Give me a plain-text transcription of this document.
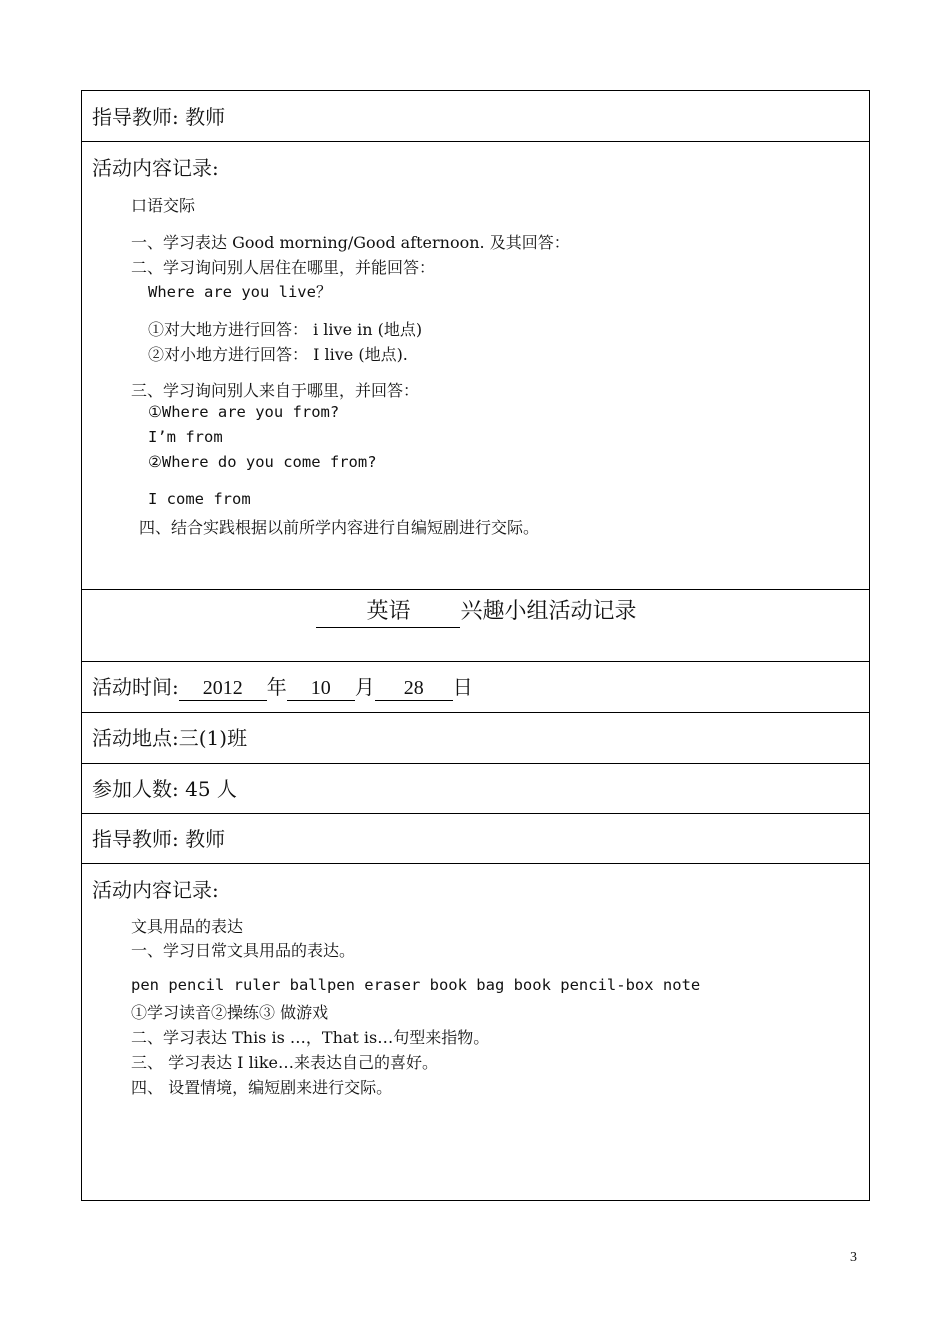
指导教师: 教师
活动内容记录:
口语交际
一、学习表达 Good morning/Good afternoon. 及其回答：
二、学习询问别人居住在哪里，并能回答：
Where are you live？
①对大地方进行回答： i live in (地点)
②对小地方进行回答： I live (地点).
三、学习询问别人来自于哪里，并回答：
①Where are you from?
I’m from
②Where do you come from?
I come from
四、结合实践根据以前所学内容进行自编短剧进行交际。
英语 兴趣小组活动记录
活动时间: 2012 年 10 月 28 日
活动地点:三(1)班
参加人数: 45 人
指导教师: 教师
活动内容记录:
文具用品的表达
一、学习日常文具用品的表达。
pen pencil ruler ballpen eraser book bag book pencil-box note
①学习读音②操练③ 做游戏
二、学习表达 This is …，That is…句型来指物。
三、 学习表达 I like…来表达自己的喜好。
四、 设置情境，编短剧来进行交际。
3
